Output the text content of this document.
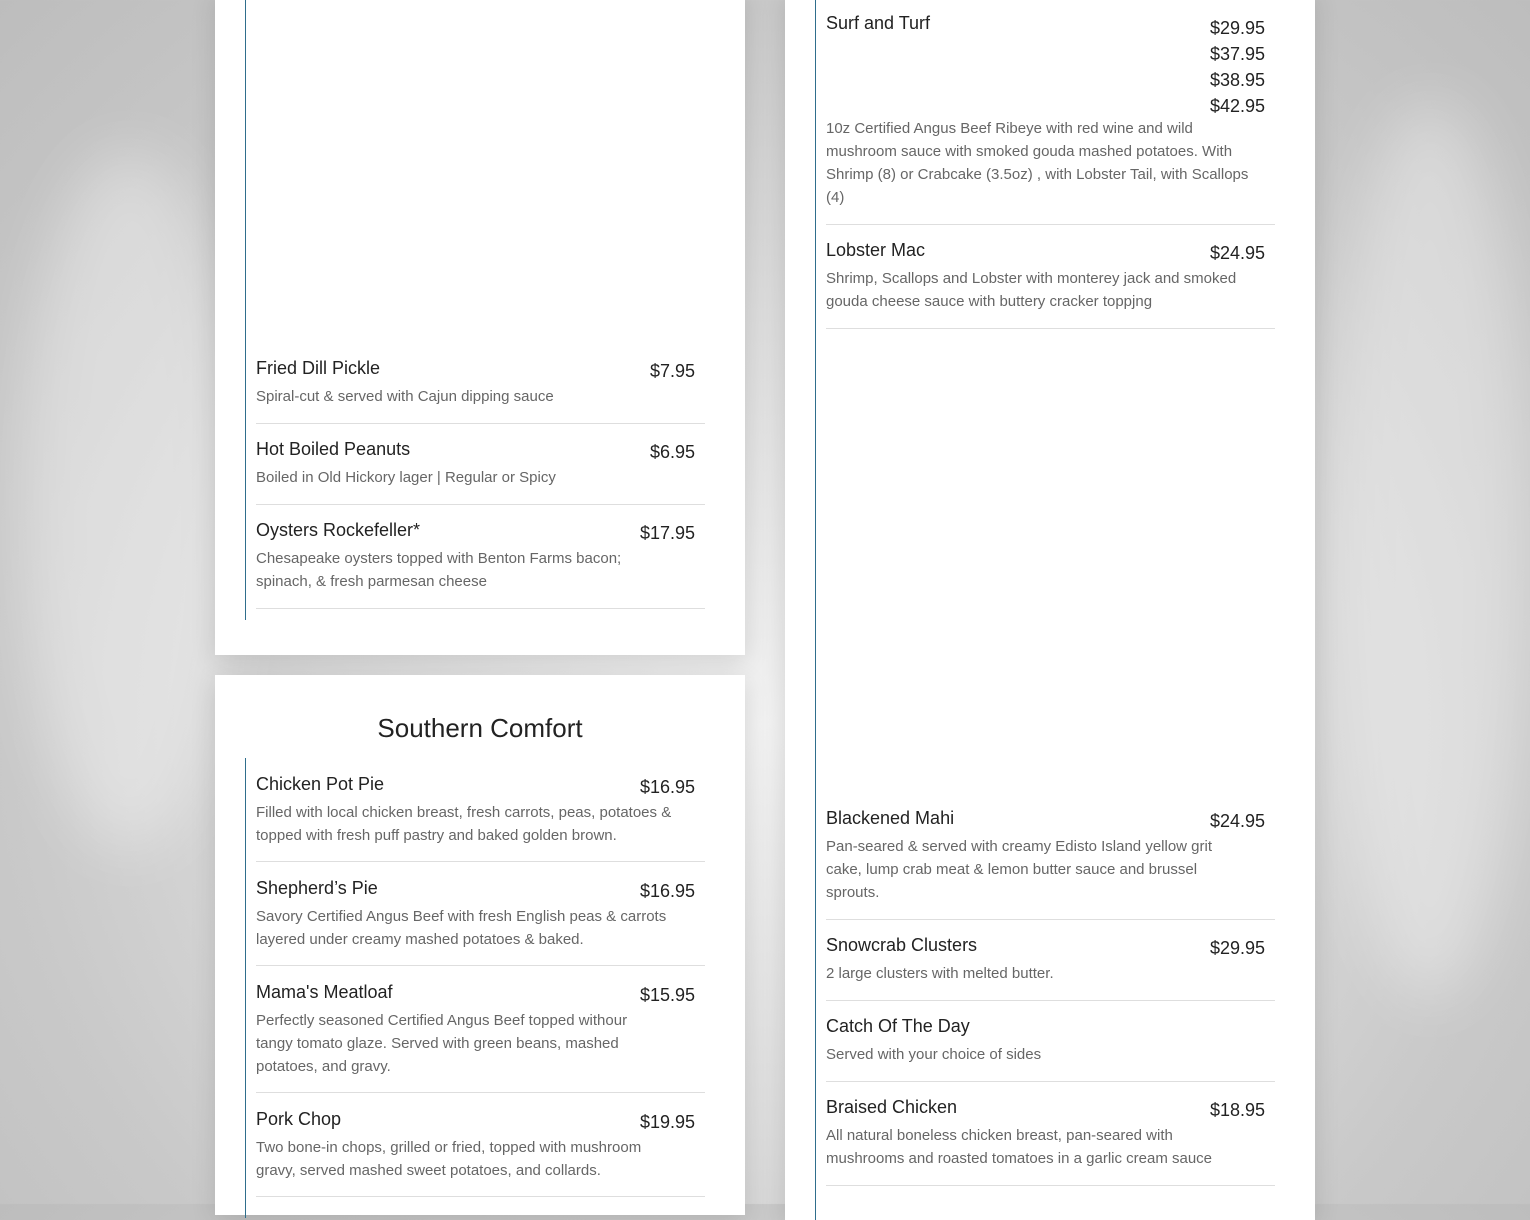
Fried Dill Pickle	$7.95
Spiral-cut & served with Cajun dipping sauce
Hot Boiled Peanuts	$6.95
Boiled in Old Hickory lager | Regular or Spicy
Oysters Rockefeller*	$17.95
Chesapeake oysters topped with Benton Farms bacon; spinach, & fresh parmesan cheese
Southern Comfort
Chicken Pot Pie	$16.95
Filled with local chicken breast, fresh carrots, peas, potatoes & topped with fresh puff pastry and baked golden brown.
Shepherd’s Pie	$16.95
Savory Certified Angus Beef with fresh English peas & carrots layered under creamy mashed potatoes & baked.
Mama's Meatloaf	$15.95
Perfectly seasoned Certified Angus Beef topped withour tangy tomato glaze. Served with green beans, mashed potatoes, and gravy.
Pork Chop	$19.95
Two bone-in chops, grilled or fried, topped with mushroom gravy, served mashed sweet potatoes, and collards.
Surf and Turf	$29.95
$37.95
$38.95
$42.95
10z Certified Angus Beef Ribeye with red wine and wild mushroom sauce with smoked gouda mashed potatoes. With Shrimp (8) or Crabcake (3.5oz) , with Lobster Tail, with Scallops (4)
Lobster Mac	$24.95
Shrimp, Scallops and Lobster with monterey jack and smoked gouda cheese sauce with buttery cracker toppjng
Blackened Mahi	$24.95
Pan-seared & served with creamy Edisto Island yellow grit cake, lump crab meat & lemon butter sauce and brussel sprouts.
Snowcrab Clusters	$29.95
2 large clusters with melted butter.
Catch Of The Day
Served with your choice of sides
Braised Chicken	$18.95
All natural boneless chicken breast, pan-seared with mushrooms and roasted tomatoes in a garlic cream sauce
